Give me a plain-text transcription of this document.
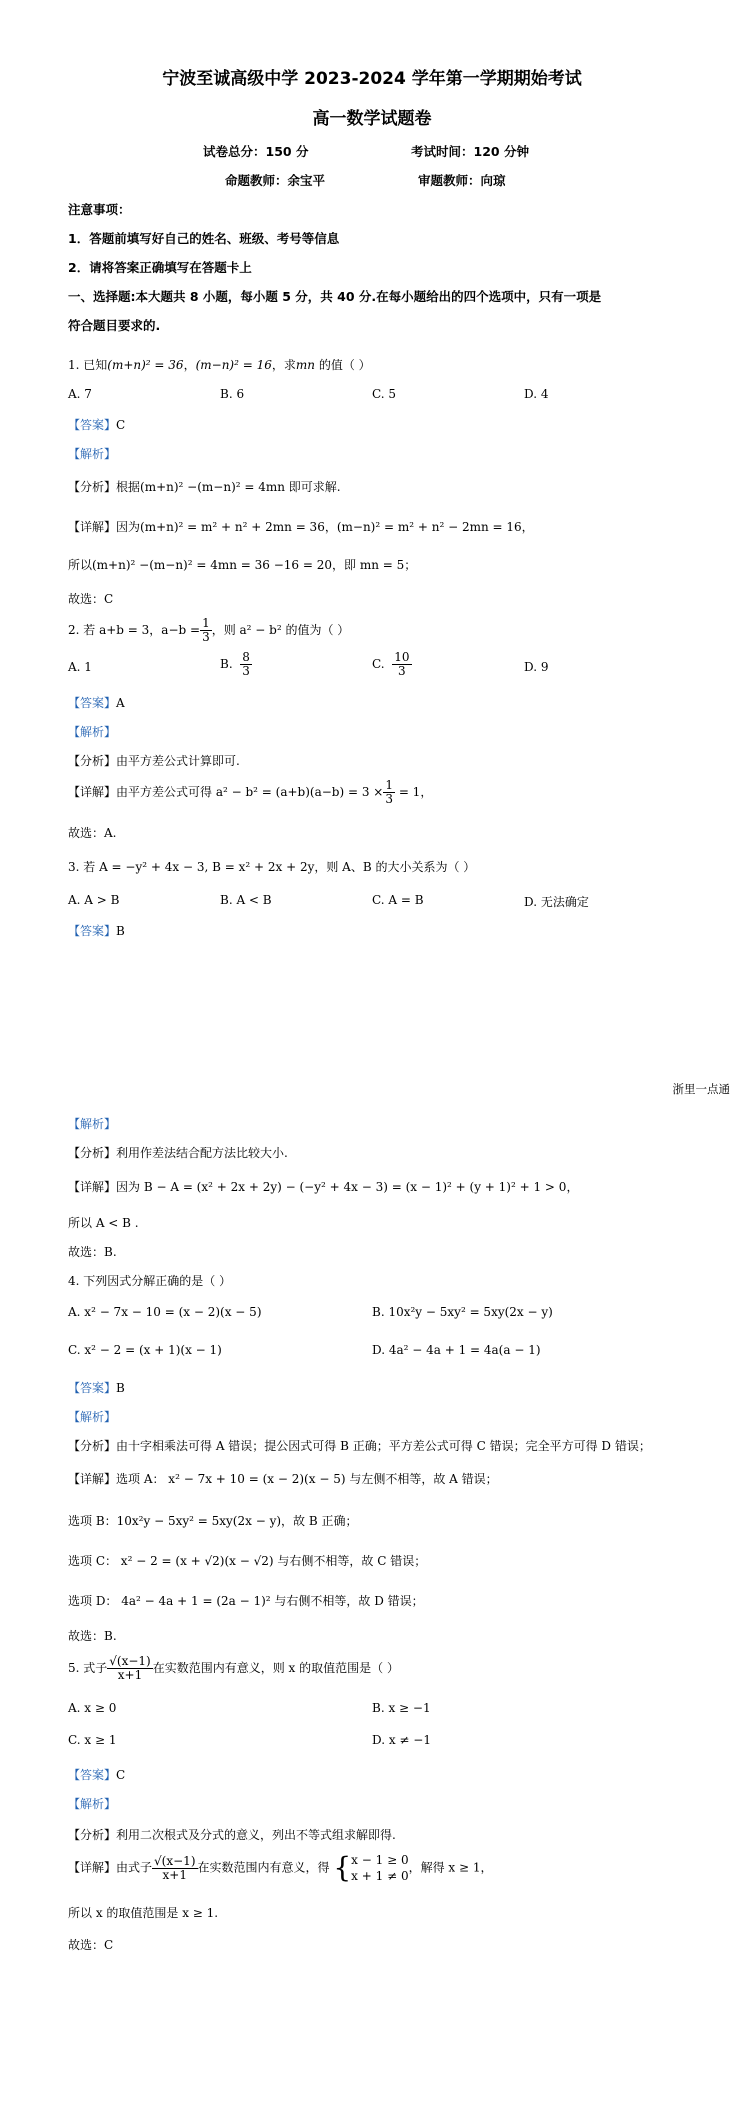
宁波至诚高级中学 2023-2024 学年第一学期期始考试
高一数学试题卷
试卷总分：150 分	考试时间：120 分钟
命题教师：余宝平	审题教师：向琼
注意事项：
1．答题前填写好自己的姓名、班级、考号等信息
2．请将答案正确填写在答题卡上
一、选择题:本大题共 8 小题，每小题 5 分，共 40 分.在每小题给出的四个选项中，只有一项是
符合题目要求的.
1. 已知(m+n)² = 36，(m−n)² = 16，求mn 的值（ ）
A. 7	B. 6	C. 5	D. 4
【答案】C
【解析】
【分析】根据(m+n)² −(m−n)² = 4mn 即可求解.
【详解】因为(m+n)² = m² + n² + 2mn = 36，(m−n)² = m² + n² − 2mn = 16，
所以(m+n)² −(m−n)² = 4mn = 36 −16 = 20，即 mn = 5；
故选：C
2. 若 a+b = 3，$a-b = \frac{1}{3}$ ，则 a² − b² 的值为（ ）
A. 1	B. $\frac{8}{3}$	C. $\frac{10}{3}$	D. 9
【答案】A
【解析】
【分析】由平方差公式计算即可.
【详解】由平方差公式可得 $a^2 - b^2 = (a+b)(a-b) = 3 \times \frac{1}{3} = 1$，
故选：A.
3. 若 A = −y² + 4x − 3, B = x² + 2x + 2y，则 A、B 的大小关系为（ ）
A. A > B	B. A < B	C. A = B	D. 无法确定
【答案】B
浙里一点通
【解析】
【分析】利用作差法结合配方法比较大小.
【详解】因为 B − A = (x² + 2x + 2y) − (−y² + 4x − 3) = (x − 1)² + (y + 1)² + 1 > 0，
所以 A < B .
故选：B.
4. 下列因式分解正确的是（ ）
A. x² − 7x − 10 = (x − 2)(x − 5)	B. 10x²y − 5xy² = 5xy(2x − y)
C. x² − 2 = (x + 1)(x − 1)	D. 4a² − 4a + 1 = 4a(a − 1)
【答案】B
【解析】
【分析】由十字相乘法可得 A 错误；提公因式可得 B 正确；平方差公式可得 C 错误；完全平方可得 D 错误；
【详解】选项 A： x² − 7x + 10 = (x − 2)(x − 5) 与左侧不相等，故 A 错误；
选项 B：10x²y − 5xy² = 5xy(2x − y)，故 B 正确；
选项 C： x² − 2 = (x + √2)(x − √2) 与右侧不相等，故 C 错误；
选项 D： 4a² − 4a + 1 = (2a − 1)² 与右侧不相等，故 D 错误；
故选：B.
5. 式子 $\frac{√(x-1)}{x+1}$ 在实数范围内有意义，则 x 的取值范围是（ ）
A. x ≥ 0	B. x ≥ −1
C. x ≥ 1	D. x ≠ −1
【答案】C
【解析】
【分析】利用二次根式及分式的意义，列出不等式组求解即得.
【详解】由式子 $\frac{√(x-1)}{x+1}$ 在实数范围内有意义，得 { x − 1 ≥ 0
x + 1 ≠ 0
，解得 x ≥ 1，
所以 x 的取值范围是 x ≥ 1.
故选：C
